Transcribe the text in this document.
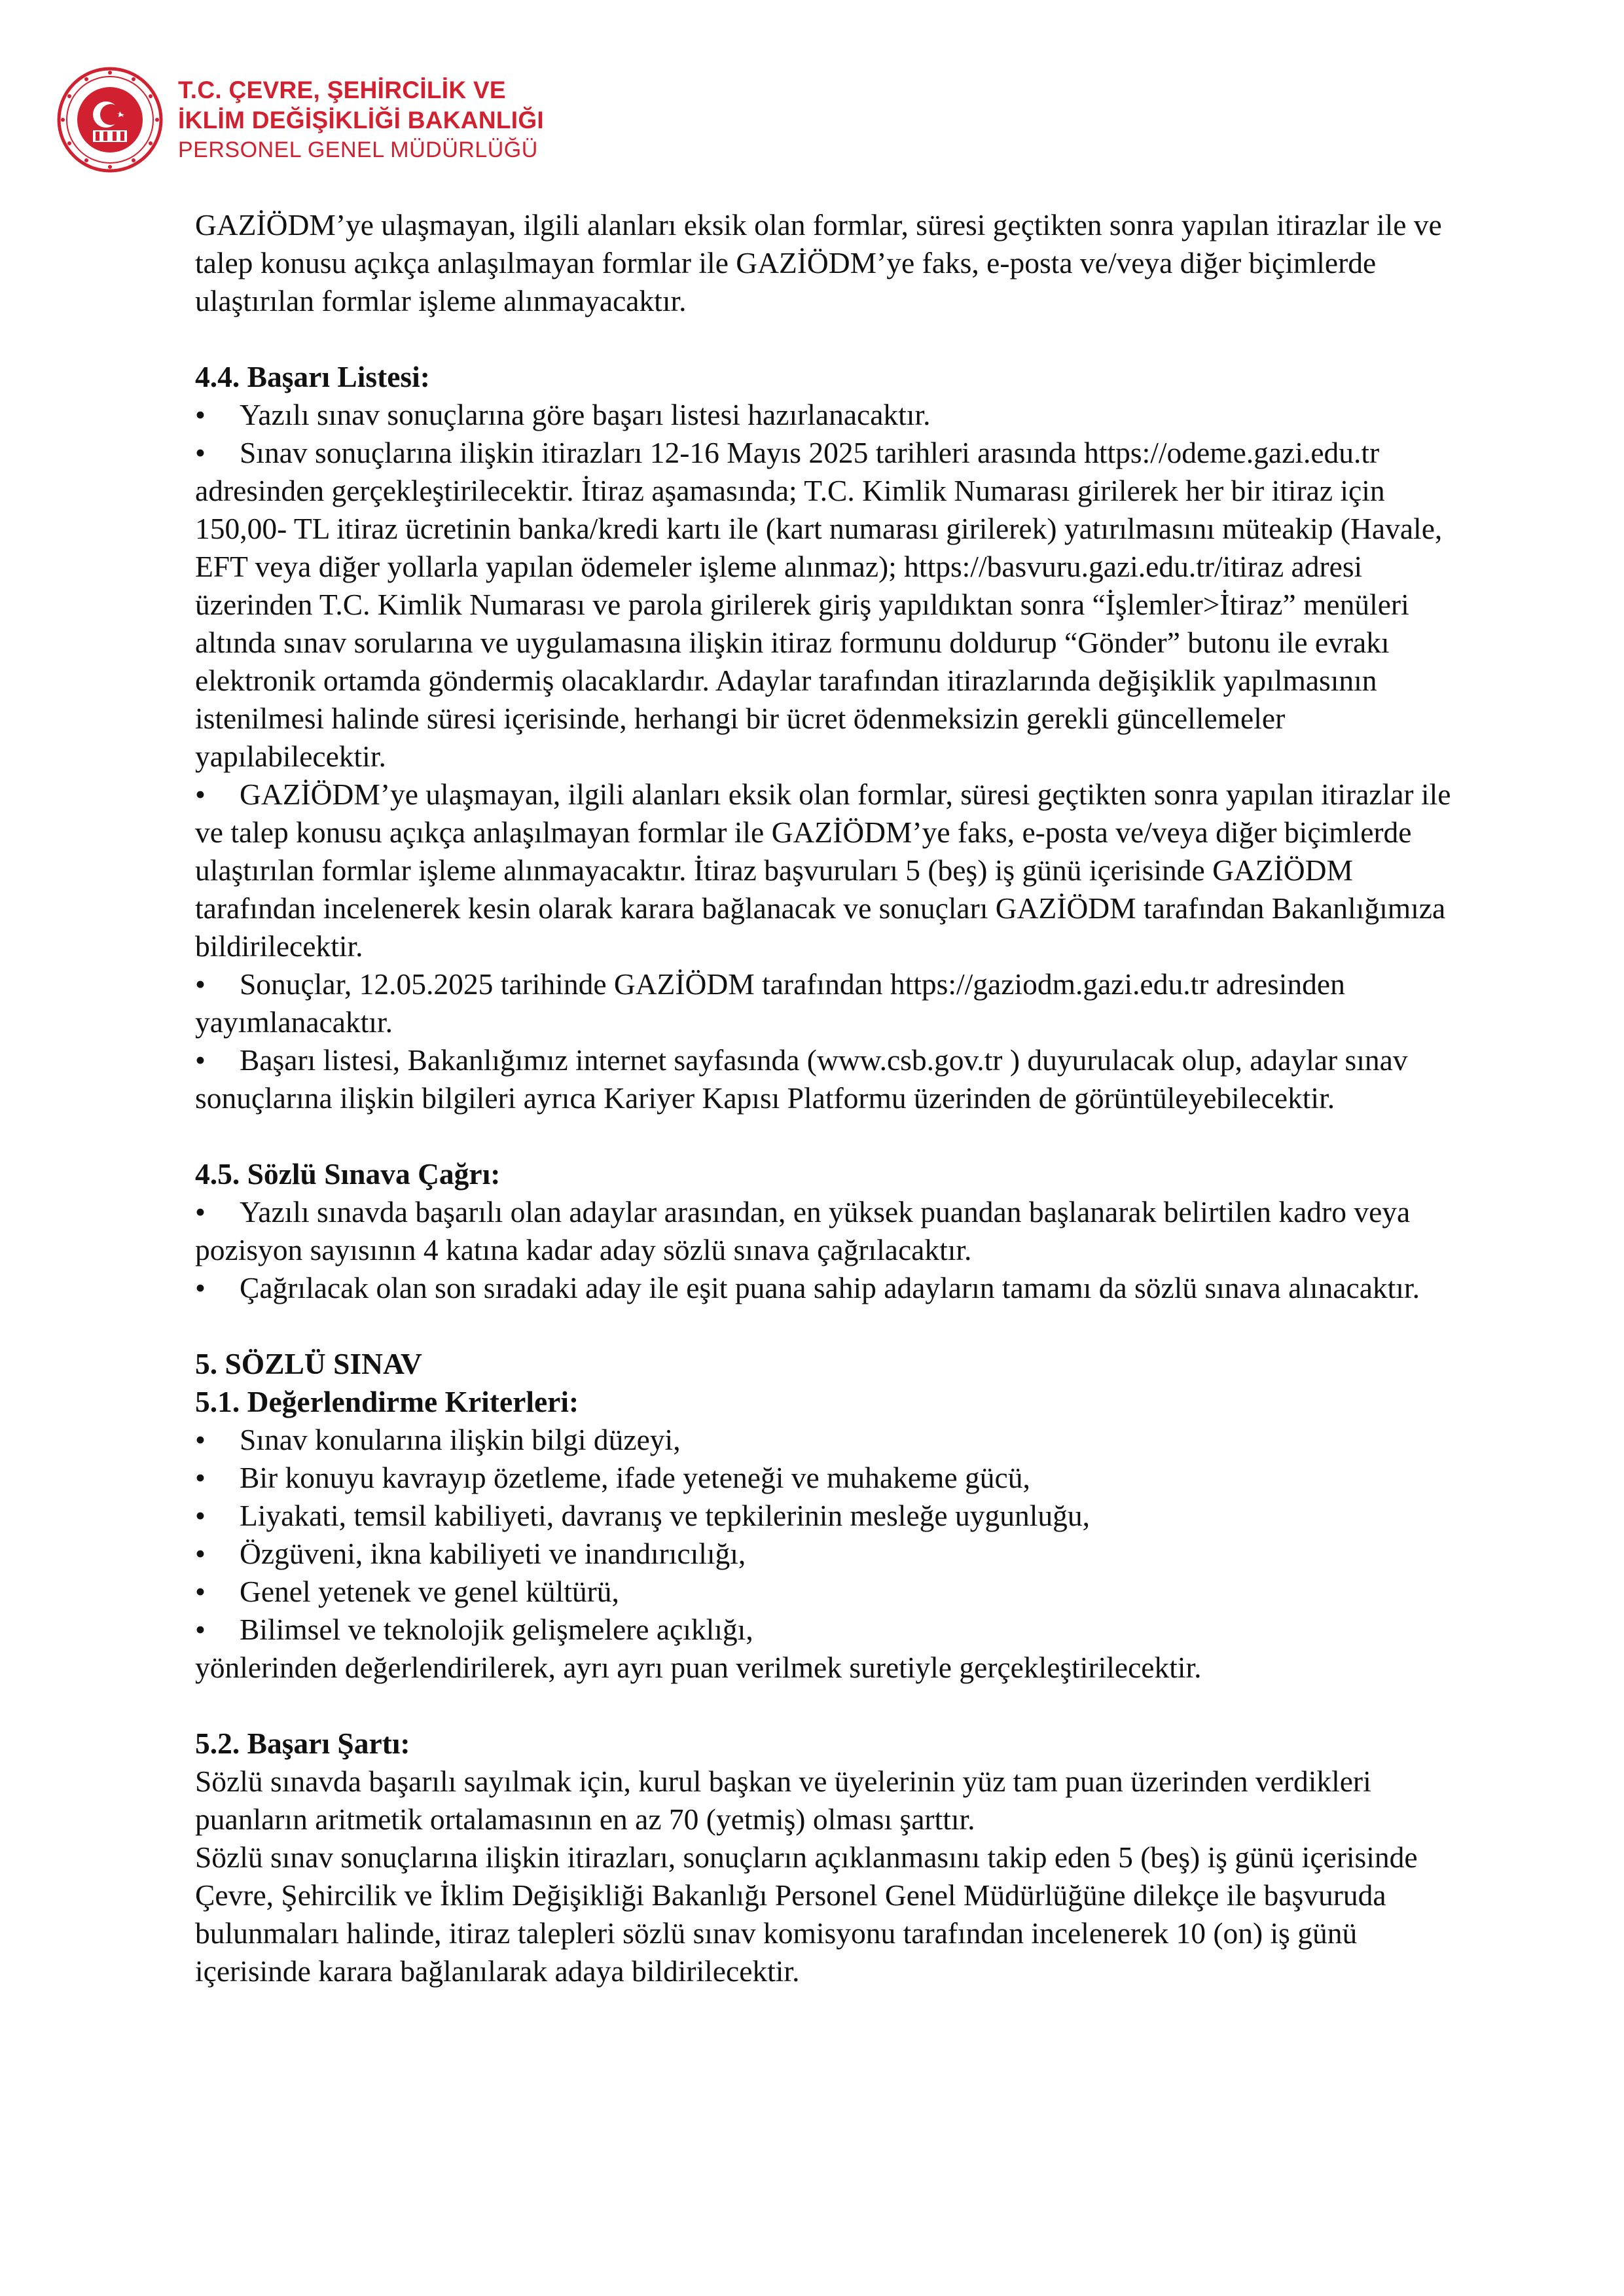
T.C. ÇEVRE, ŞEHİRCİLİK VE
İKLİM DEĞİŞİKLİĞİ BAKANLIĞI
PERSONEL GENEL MÜDÜRLÜĞÜ

GAZİÖDM’ye ulaşmayan, ilgili alanları eksik olan formlar, süresi geçtikten sonra yapılan itirazlar ile ve talep konusu açıkça anlaşılmayan formlar ile GAZİÖDM’ye faks, e-posta ve/veya diğer biçimlerde ulaştırılan formlar işleme alınmayacaktır.

4.4. Başarı Listesi:

• Yazılı sınav sonuçlarına göre başarı listesi hazırlanacaktır.

• Sınav sonuçlarına ilişkin itirazları 12-16 Mayıs 2025 tarihleri arasında https://odeme.gazi.edu.tr adresinden gerçekleştirilecektir. İtiraz aşamasında; T.C. Kimlik Numarası girilerek her bir itiraz için 150,00- TL itiraz ücretinin banka/kredi kartı ile (kart numarası girilerek) yatırılmasını müteakip (Havale, EFT veya diğer yollarla yapılan ödemeler işleme alınmaz); https://basvuru.gazi.edu.tr/itiraz adresi üzerinden T.C. Kimlik Numarası ve parola girilerek giriş yapıldıktan sonra “İşlemler>İtiraz” menüleri altında sınav sorularına ve uygulamasına ilişkin itiraz formunu doldurup “Gönder” butonu ile evrakı elektronik ortamda göndermiş olacaklardır. Adaylar tarafından itirazlarında değişiklik yapılmasının istenilmesi halinde süresi içerisinde, herhangi bir ücret ödenmeksizin gerekli güncellemeler yapılabilecektir.

• GAZİÖDM’ye ulaşmayan, ilgili alanları eksik olan formlar, süresi geçtikten sonra yapılan itirazlar ile ve talep konusu açıkça anlaşılmayan formlar ile GAZİÖDM’ye faks, e-posta ve/veya diğer biçimlerde ulaştırılan formlar işleme alınmayacaktır. İtiraz başvuruları 5 (beş) iş günü içerisinde GAZİÖDM tarafından incelenerek kesin olarak karara bağlanacak ve sonuçları GAZİÖDM tarafından Bakanlığımıza bildirilecektir.

• Sonuçlar, 12.05.2025 tarihinde GAZİÖDM tarafından https://gaziodm.gazi.edu.tr adresinden yayımlanacaktır.

• Başarı listesi, Bakanlığımız internet sayfasında (www.csb.gov.tr ) duyurulacak olup, adaylar sınav sonuçlarına ilişkin bilgileri ayrıca Kariyer Kapısı Platformu üzerinden de görüntüleyebilecektir.

4.5. Sözlü Sınava Çağrı:

• Yazılı sınavda başarılı olan adaylar arasından, en yüksek puandan başlanarak belirtilen kadro veya pozisyon sayısının 4 katına kadar aday sözlü sınava çağrılacaktır.

• Çağrılacak olan son sıradaki aday ile eşit puana sahip adayların tamamı da sözlü sınava alınacaktır.

5. SÖZLÜ SINAV

5.1. Değerlendirme Kriterleri:

• Sınav konularına ilişkin bilgi düzeyi,

• Bir konuyu kavrayıp özetleme, ifade yeteneği ve muhakeme gücü,

• Liyakati, temsil kabiliyeti, davranış ve tepkilerinin mesleğe uygunluğu,

• Özgüveni, ikna kabiliyeti ve inandırıcılığı,

• Genel yetenek ve genel kültürü,

• Bilimsel ve teknolojik gelişmelere açıklığı,

yönlerinden değerlendirilerek, ayrı ayrı puan verilmek suretiyle gerçekleştirilecektir.

5.2. Başarı Şartı:

Sözlü sınavda başarılı sayılmak için, kurul başkan ve üyelerinin yüz tam puan üzerinden verdikleri puanların aritmetik ortalamasının en az 70 (yetmiş) olması şarttır.

Sözlü sınav sonuçlarına ilişkin itirazları, sonuçların açıklanmasını takip eden 5 (beş) iş günü içerisinde Çevre, Şehircilik ve İklim Değişikliği Bakanlığı Personel Genel Müdürlüğüne dilekçe ile başvuruda bulunmaları halinde, itiraz talepleri sözlü sınav komisyonu tarafından incelenerek 10 (on) iş günü içerisinde karara bağlanılarak adaya bildirilecektir.
